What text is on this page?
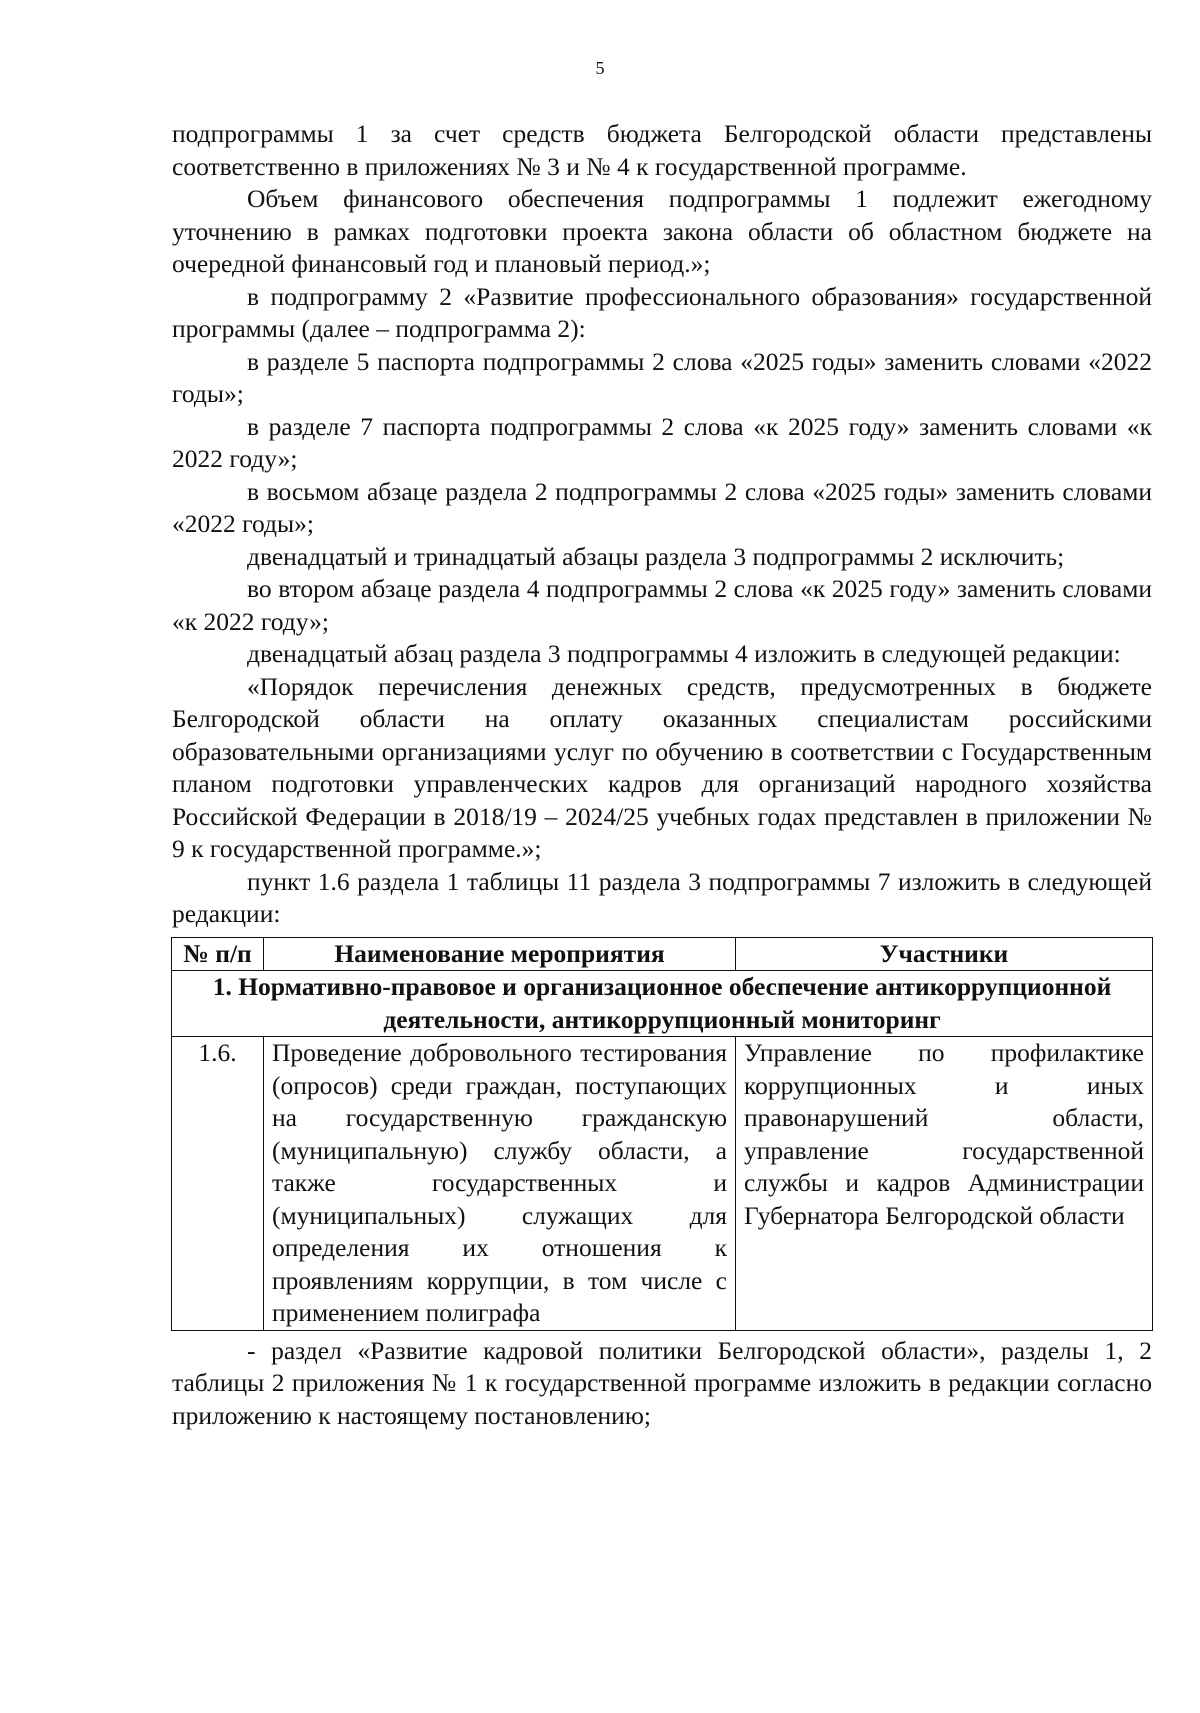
5

подпрограммы 1 за счет средств бюджета Белгородской области представлены соответственно в приложениях № 3 и № 4 к государственной программе.

Объем финансового обеспечения подпрограммы 1 подлежит ежегодному уточнению в рамках подготовки проекта закона области об областном бюджете на очередной финансовый год и плановый период.»;

в подпрограмму 2 «Развитие профессионального образования» государственной программы (далее – подпрограмма 2):

в разделе 5 паспорта подпрограммы 2 слова «2025 годы» заменить словами «2022 годы»;

в разделе 7 паспорта подпрограммы 2 слова «к 2025 году» заменить словами «к 2022 году»;

в восьмом абзаце раздела 2 подпрограммы 2 слова «2025 годы» заменить словами «2022 годы»;

двенадцатый и тринадцатый абзацы раздела 3 подпрограммы 2 исключить;

во втором абзаце раздела 4 подпрограммы 2 слова «к 2025 году» заменить словами «к 2022 году»;

двенадцатый абзац раздела 3 подпрограммы 4 изложить в следующей редакции:

«Порядок перечисления денежных средств, предусмотренных в бюджете Белгородской области на оплату оказанных специалистам российскими образовательными организациями услуг по обучению в соответствии с Государственным планом подготовки управленческих кадров для организаций народного хозяйства Российской Федерации в 2018/19 – 2024/25 учебных годах представлен в приложении № 9 к государственной программе.»;

пункт 1.6 раздела 1 таблицы 11 раздела 3 подпрограммы 7 изложить в следующей редакции:

№ п/п	Наименование мероприятия	Участники
1. Нормативно-правовое и организационное обеспечение антикоррупционной деятельности, антикоррупционный мониторинг		
1.6.	Проведение добровольного тестирования (опросов) среди граждан, поступающих на государственную гражданскую (муниципальную) службу области, а также государственных и (муниципальных) служащих для определения их отношения к проявлениям коррупции, в том числе с применением полиграфа	Управление по профилактике коррупционных и иных правонарушений области, управление государственной службы и кадров Администрации Губернатора Белгородской области

- раздел «Развитие кадровой политики Белгородской области», разделы 1, 2 таблицы 2 приложения № 1 к государственной программе изложить в редакции согласно приложению к настоящему постановлению;
